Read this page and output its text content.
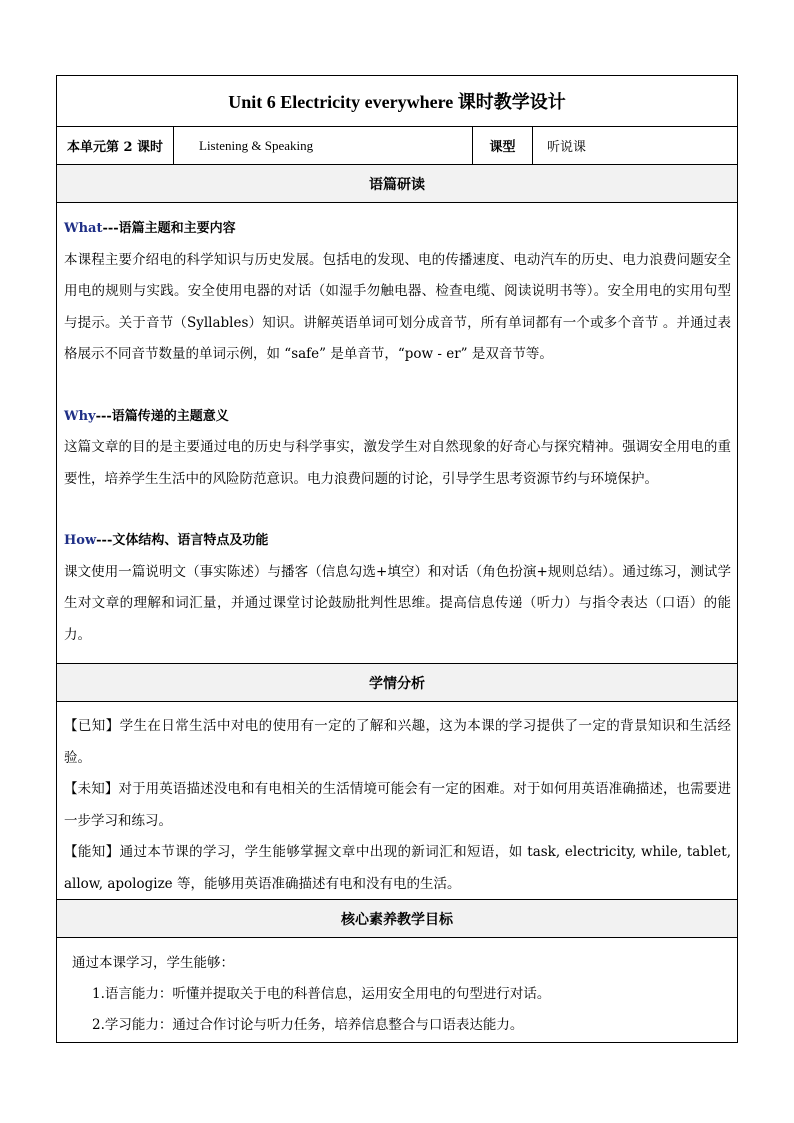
Unit 6 Electricity everywhere 课时教学设计
本单元第 2 课时	Listening & Speaking	课型	听说课
语篇研读

What---语篇主题和主要内容

本课程主要介绍电的科学知识与历史发展。包括电的发现、电的传播速度、电动汽车的历史、电力浪费问题安全用电的规则与实践。安全使用电器的对话（如湿手勿触电器、检查电缆、阅读说明书等）。安全用电的实用句型与提示。关于音节（Syllables）知识。讲解英语单词可划分成音节，所有单词都有一个或多个音节 。并通过表格展示不同音节数量的单词示例，如 “safe” 是单音节，“pow - er” 是双音节等。

Why---语篇传递的主题意义

这篇文章的目的是主要通过电的历史与科学事实，激发学生对自然现象的好奇心与探究精神。强调安全用电的重要性，培养学生生活中的风险防范意识。电力浪费问题的讨论，引导学生思考资源节约与环境保护。

How---文体结构、语言特点及功能

课文使用一篇说明文（事实陈述）与播客（信息勾选+填空）和对话（角色扮演+规则总结）。通过练习，测试学生对文章的理解和词汇量，并通过课堂讨论鼓励批判性思维。提高信息传递（听力）与指令表达（口语）的能力。

学情分析

【已知】学生在日常生活中对电的使用有一定的了解和兴趣，这为本课的学习提供了一定的背景知识和生活经验。

【未知】对于用英语描述没电和有电相关的生活情境可能会有一定的困难。对于如何用英语准确描述，也需要进一步学习和练习。

【能知】通过本节课的学习，学生能够掌握文章中出现的新词汇和短语，如 task, electricity, while, tablet, allow, apologize 等，能够用英语准确描述有电和没有电的生活。

核心素养教学目标

通过本课学习，学生能够：

1.语言能力：听懂并提取关于电的科普信息，运用安全用电的句型进行对话。

2.学习能力：通过合作讨论与听力任务，培养信息整合与口语表达能力。
